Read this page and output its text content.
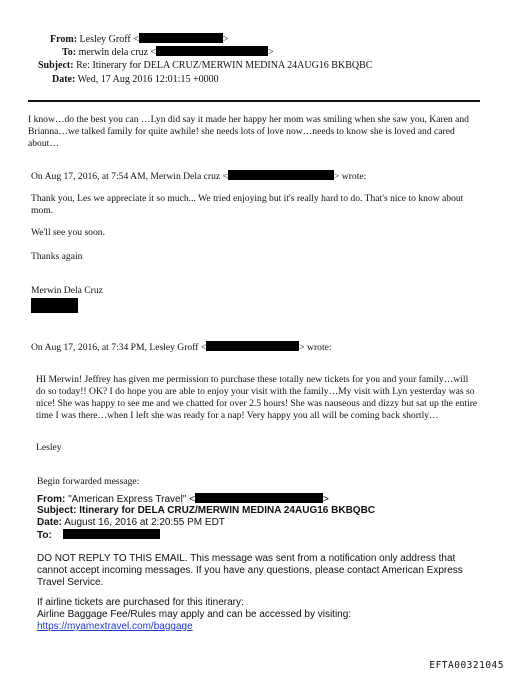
From: Lesley Groff <	>
To: merwin dela cruz <	>
Subject: Re: Itinerary for DELA CRUZ/MERWIN MEDINA 24AUG16 BKBQBC
Date: Wed, 17 Aug 2016 12:01:15 +0000
I know…do the best you can …Lyn did say it made her happy her mom was smiling when she saw you, Karen and Brianna…we talked family for quite awhile! she needs lots of love now…needs to know she is loved and cared about…
On Aug 17, 2016, at 7:54 AM, Merwin Dela cruz <	> wrote:
Thank you, Les we appreciate it so much... We tried enjoying but it's really hard to do. That's nice to know about mom.
We'll see you soon.
Thanks again
Merwin Dela Cruz
On Aug 17, 2016, at 7:34 PM, Lesley Groff <	> wrote:
HI Merwin! Jeffrey has given me permission to purchase these totally new tickets for you and your family…will do so today!! OK? I do hope you are able to enjoy your visit with the family…My visit with Lyn yesterday was so nice! She was happy to see me and we chatted for over 2.5 hours! She was nauseous and dizzy but sat up the entire time I was there…when I left she was ready for a nap! Very happy you all will be coming back shortly…
Lesley
Begin forwarded message:
From: "American Express Travel" <	>
Subject: Itinerary for DELA CRUZ/MERWIN MEDINA 24AUG16 BKBQBC
Date: August 16, 2016 at 2:20:55 PM EDT
To:
DO NOT REPLY TO THIS EMAIL. This message was sent from a notification only address that cannot accept incoming messages. If you have any questions, please contact American Express Travel Service.
If airline tickets are purchased for this itinerary:
Airline Baggage Fee/Rules may apply and can be accessed by visiting:
https://myamextravel.com/baggage
EFTA00321045
